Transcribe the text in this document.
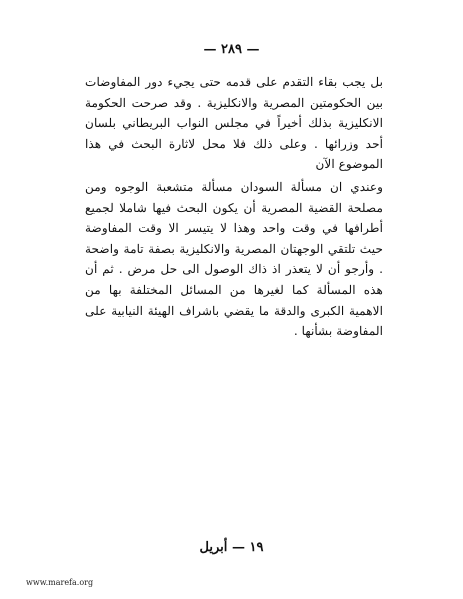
— ٢٨٩ —

بل يجب بقاء التقدم على قدمه حتى يجيء دور المفاوضات بين الحكومتين المصرية والانكليزية . وقد صرحت الحكومة الانكليزية بذلك أخيراً في مجلس النواب البريطاني بلسان أحد وزرائها . وعلى ذلك فلا محل لاثارة البحث في هذا الموضوع الآن

وعندي ان مسألة السودان مسألة متشعبة الوجوه ومن مصلحة القضية المصرية أن يكون البحث فيها شاملا لجميع أطرافها في وقت واحد وهذا لا يتيسر الا وقت المفاوضة حيث تلتقي الوجهتان المصرية والانكليزية بصفة تامة واضحة . وأرجو أن لا يتعذر اذ ذاك الوصول الى حل مرض . ثم أن هذه المسألة كما لغيرها من المسائل المختلفة بها من الاهمية الكبرى والدقة ما يقضي باشراف الهيئة النيابية على المفاوضة بشأنها .

١٩ — أبريل
www.marefa.org
